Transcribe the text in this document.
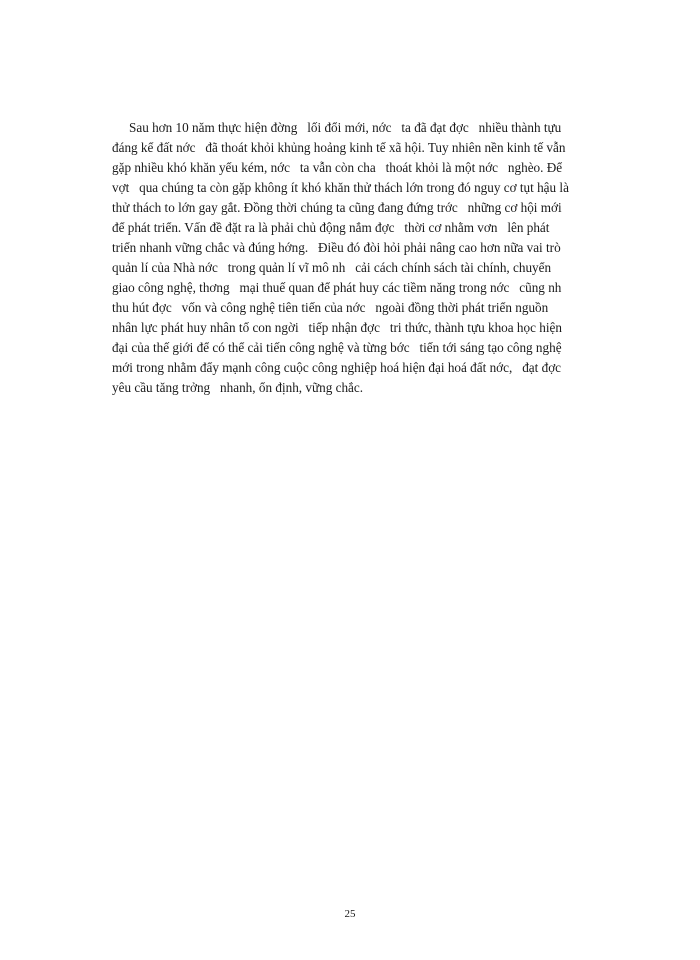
Sau hơn 10 năm thực hiện đờng   lối đổi mới, nớc   ta đã đạt đợc   nhiều thành tựu
đáng kể đất nớc   đã thoát khỏi khủng hoảng kinh tế xã hội. Tuy nhiên nền kinh tế vẫn
gặp nhiều khó khăn yếu kém, nớc   ta vẫn còn cha   thoát khỏi là một nớc   nghèo. Để
vợt   qua chúng ta còn gặp không ít khó khăn thử thách lớn trong đó nguy cơ tụt hậu là
thử thách to lớn gay gắt. Đồng thời chúng ta cũng đang đứng trớc   những cơ hội mới
để phát triển. Vấn đề đặt ra là phải chủ động nắm đợc   thời cơ nhằm vơn   lên phát
triển nhanh vững chắc và đúng hớng.   Điều đó đòi hỏi phải nâng cao hơn nữa vai trò
quản lí của Nhà nớc   trong quản lí vĩ mô nh   cải cách chính sách tài chính, chuyển
giao công nghệ, thơng   mại thuế quan để phát huy các tiềm năng trong nớc   cũng nh
thu hút đợc   vốn và công nghệ tiên tiến của nớc   ngoài đồng thời phát triển nguồn
nhân lực phát huy nhân tố con ngời   tiếp nhận đợc   tri thức, thành tựu khoa học hiện
đại của thế giới để có thể cải tiến công nghệ và từng bớc   tiến tới sáng tạo công nghệ
mới trong nhằm đẩy mạnh công cuộc công nghiệp hoá hiện đại hoá đất nớc,   đạt đợc
yêu cầu tăng trởng   nhanh, ổn định, vững chắc.
25
